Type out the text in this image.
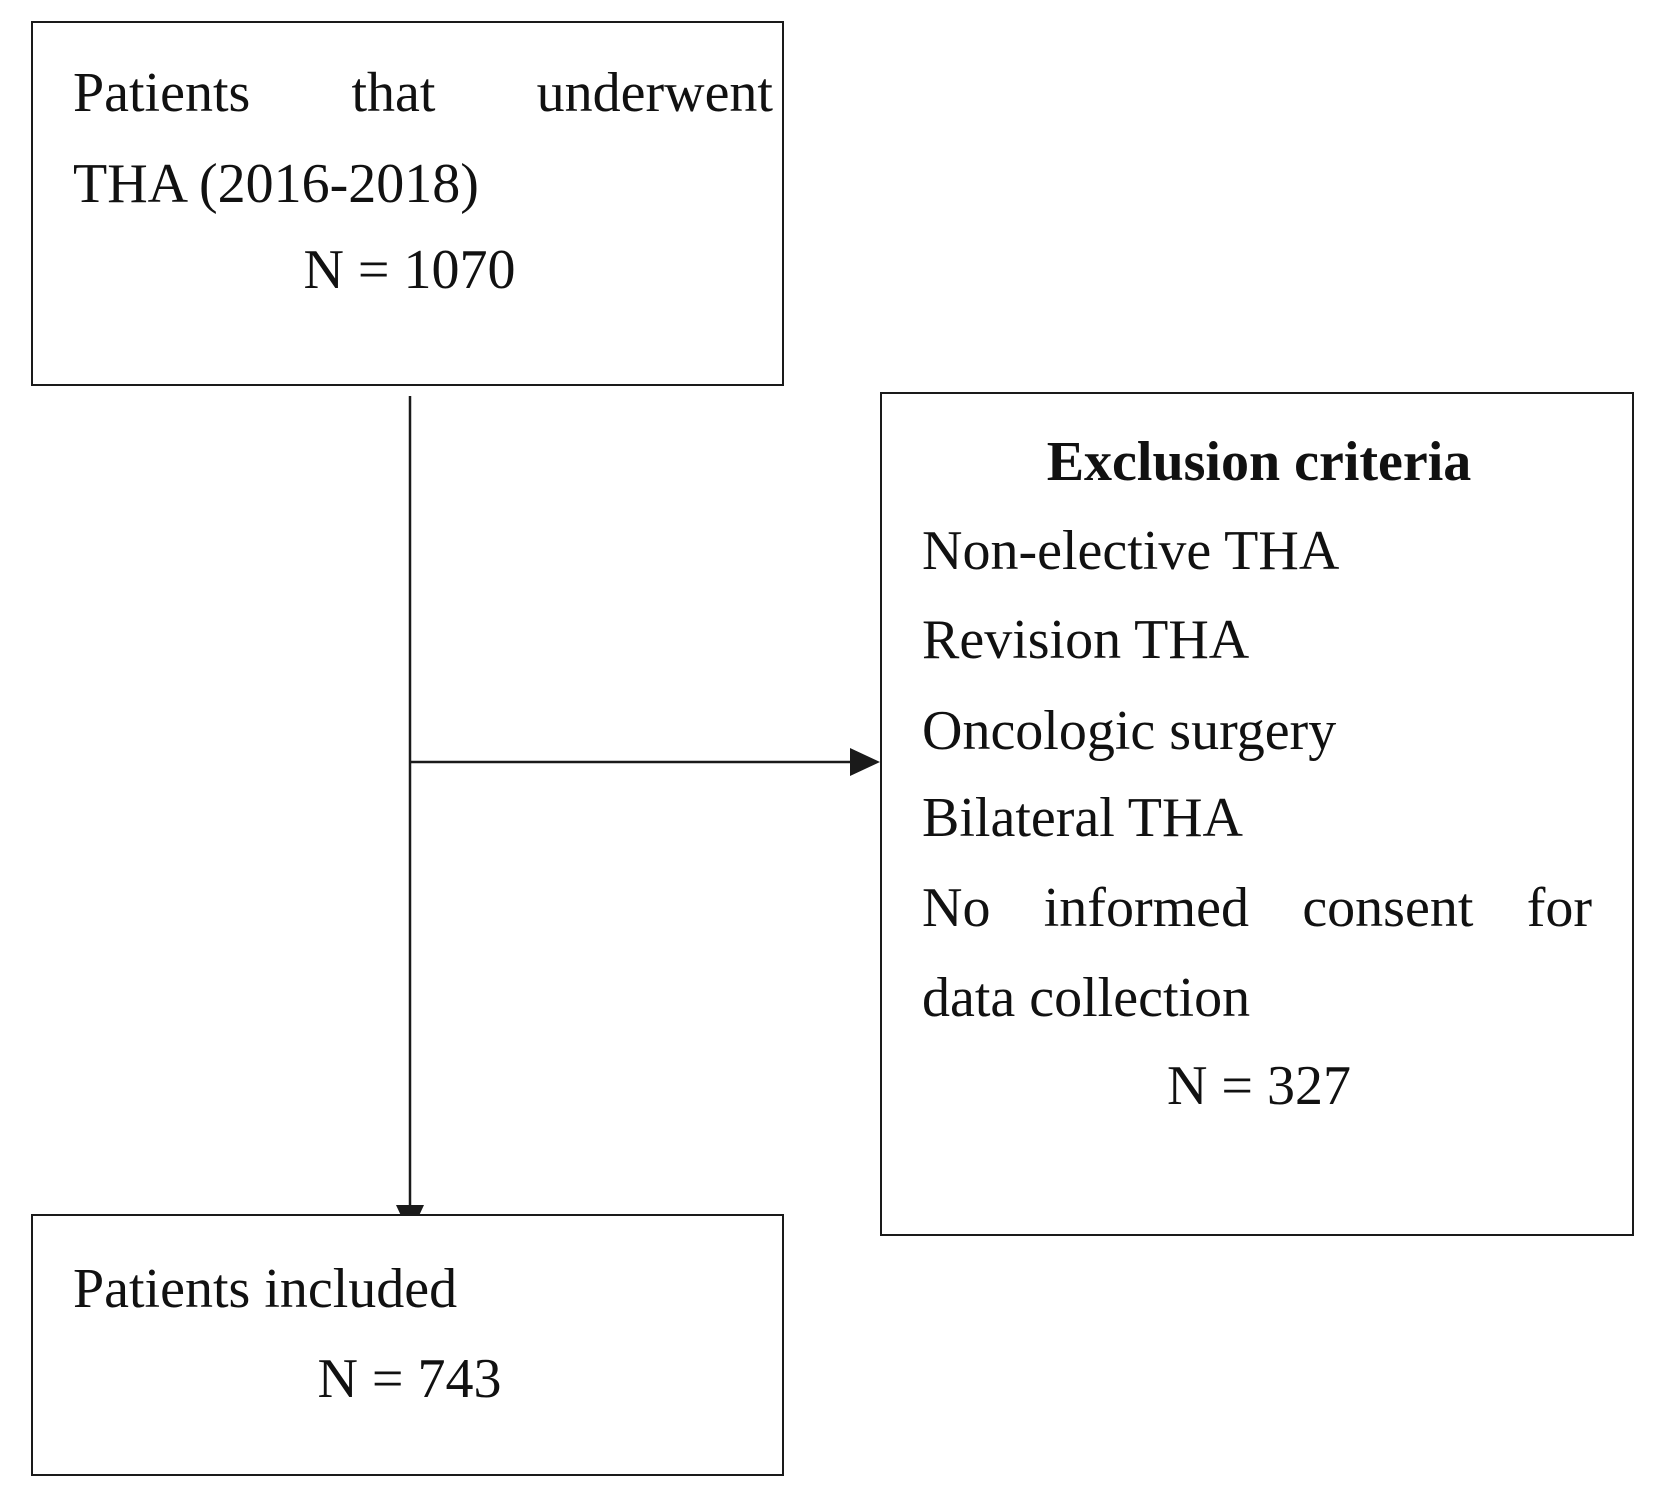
Patients that underwent
THA (2016-2018)
N = 1070
Exclusion criteria
Non-elective THA
Revision THA
Oncologic surgery
Bilateral THA
No informed consent for
data collection
N = 327
Patients included
N = 743
